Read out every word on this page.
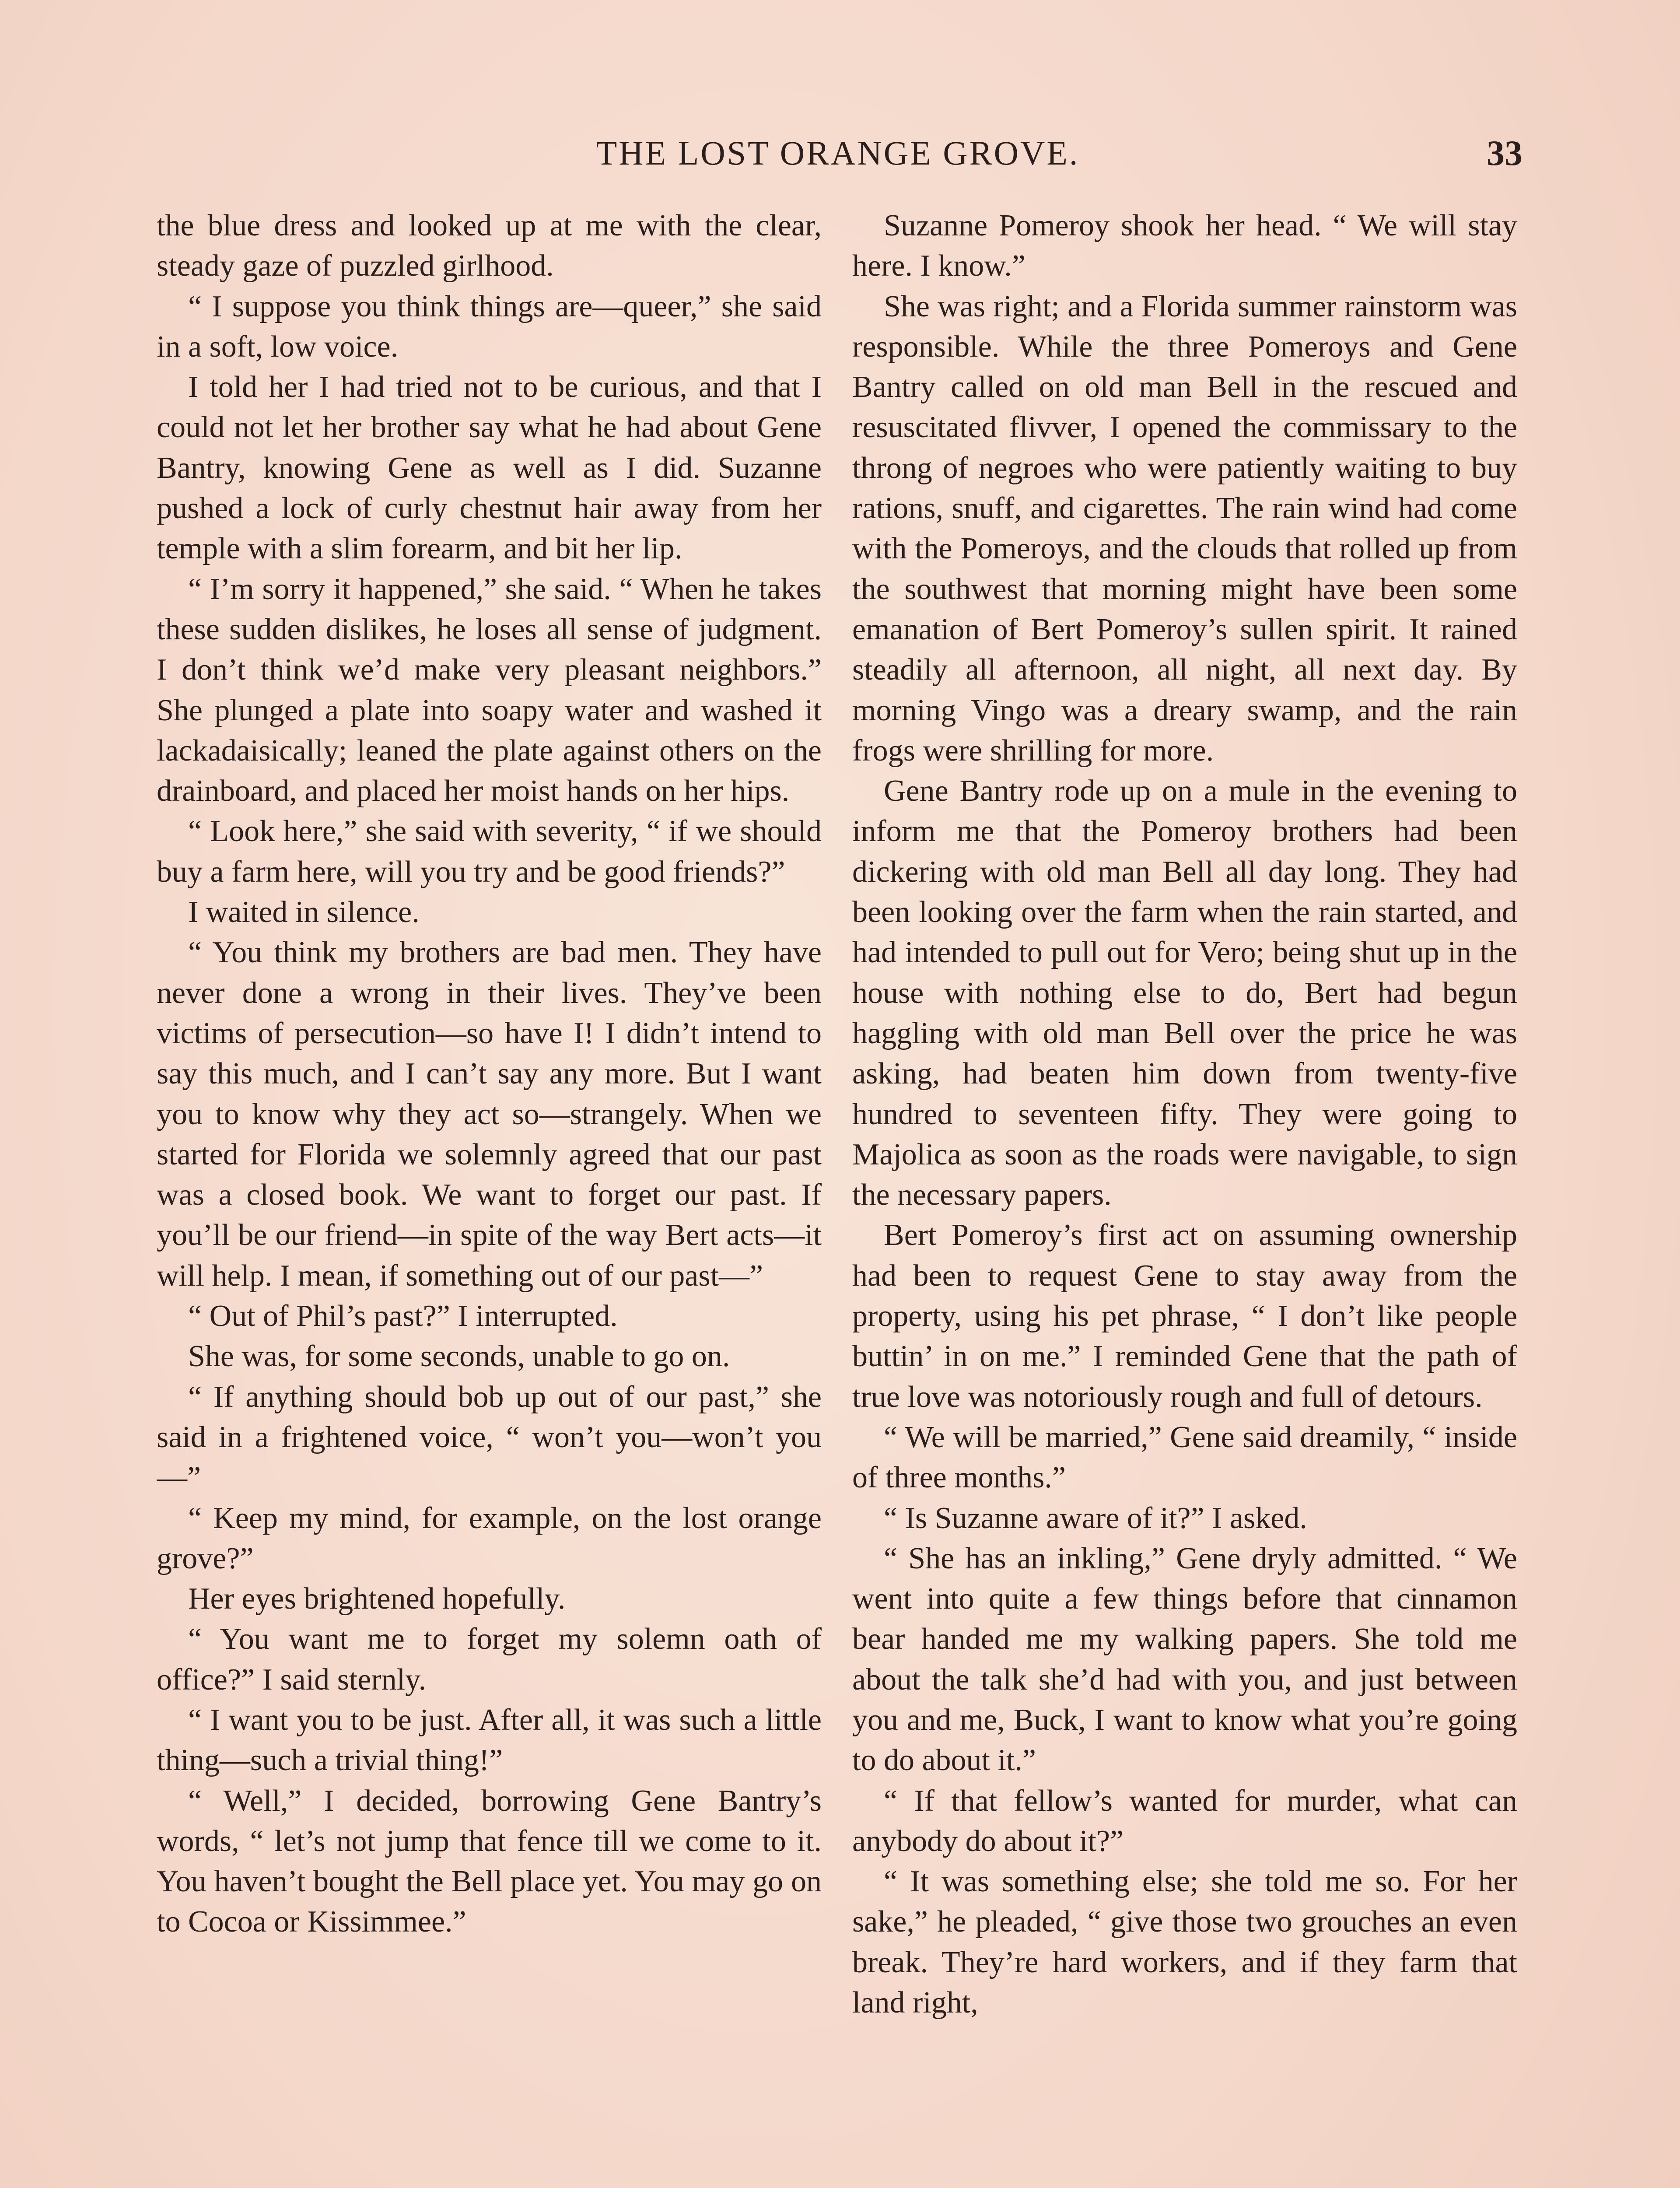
THE LOST ORANGE GROVE.	33

the blue dress and looked up at me with the clear, steady gaze of puzzled girlhood.

“ I suppose you think things are—queer,” she said in a soft, low voice.

I told her I had tried not to be curious, and that I could not let her brother say what he had about Gene Bantry, knowing Gene as well as I did. Suzanne pushed a lock of curly chestnut hair away from her temple with a slim forearm, and bit her lip.

“ I’m sorry it happened,” she said. “ When he takes these sudden dislikes, he loses all sense of judgment. I don’t think we’d make very pleasant neighbors.” She plunged a plate into soapy water and washed it lackadaisically; leaned the plate against others on the drainboard, and placed her moist hands on her hips.

“ Look here,” she said with severity, “ if we should buy a farm here, will you try and be good friends?”

I waited in silence.

“ You think my brothers are bad men. They have never done a wrong in their lives. They’ve been victims of persecution—so have I! I didn’t intend to say this much, and I can’t say any more. But I want you to know why they act so—strangely. When we started for Florida we solemnly agreed that our past was a closed book. We want to forget our past. If you’ll be our friend—in spite of the way Bert acts—it will help. I mean, if something out of our past—”

“ Out of Phil’s past?” I interrupted.

She was, for some seconds, unable to go on.

“ If anything should bob up out of our past,” she said in a frightened voice, “ won’t you—won’t you—”

“ Keep my mind, for example, on the lost orange grove?”

Her eyes brightened hopefully.

“ You want me to forget my solemn oath of office?” I said sternly.

“ I want you to be just. After all, it was such a little thing—such a trivial thing!”

“ Well,” I decided, borrowing Gene Bantry’s words, “ let’s not jump that fence till we come to it. You haven’t bought the Bell place yet. You may go on to Cocoa or Kissimmee.”

Suzanne Pomeroy shook her head. “ We will stay here. I know.”

She was right; and a Florida summer rainstorm was responsible. While the three Pomeroys and Gene Bantry called on old man Bell in the rescued and resuscitated flivver, I opened the commissary to the throng of negroes who were patiently waiting to buy rations, snuff, and cigarettes. The rain wind had come with the Pomeroys, and the clouds that rolled up from the southwest that morning might have been some emanation of Bert Pomeroy’s sullen spirit. It rained steadily all afternoon, all night, all next day. By morning Vingo was a dreary swamp, and the rain frogs were shrilling for more.

Gene Bantry rode up on a mule in the evening to inform me that the Pomeroy brothers had been dickering with old man Bell all day long. They had been looking over the farm when the rain started, and had intended to pull out for Vero; being shut up in the house with nothing else to do, Bert had begun haggling with old man Bell over the price he was asking, had beaten him down from twenty-five hundred to seventeen fifty. They were going to Majolica as soon as the roads were navigable, to sign the necessary papers.

Bert Pomeroy’s first act on assuming ownership had been to request Gene to stay away from the property, using his pet phrase, “ I don’t like people buttin’ in on me.” I reminded Gene that the path of true love was notoriously rough and full of detours.

“ We will be married,” Gene said dreamily, “ inside of three months.”

“ Is Suzanne aware of it?” I asked.

“ She has an inkling,” Gene dryly admitted. “ We went into quite a few things before that cinnamon bear handed me my walking papers. She told me about the talk she’d had with you, and just between you and me, Buck, I want to know what you’re going to do about it.”

“ If that fellow’s wanted for murder, what can anybody do about it?”

“ It was something else; she told me so. For her sake,” he pleaded, “ give those two grouches an even break. They’re hard workers, and if they farm that land right,
